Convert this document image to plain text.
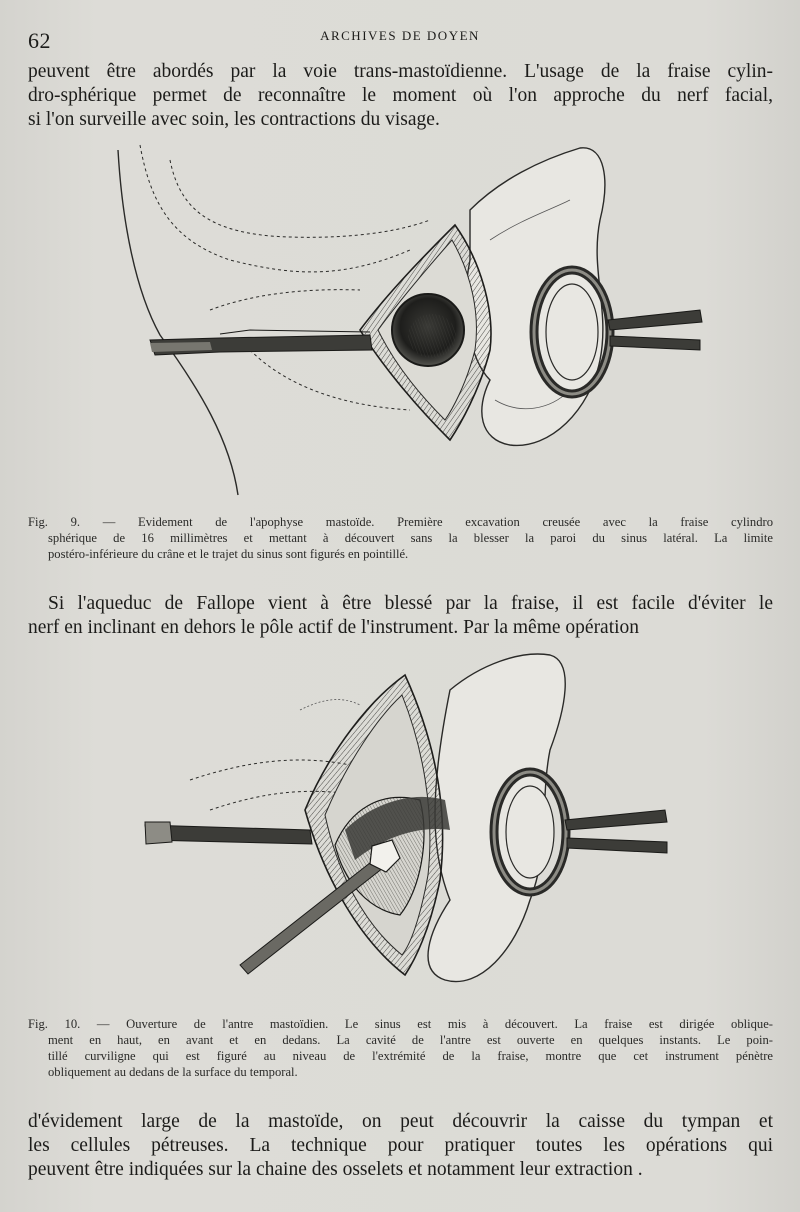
62	ARCHIVES DE DOYEN
peuvent être abordés par la voie trans-mastoïdienne. L'usage de la fraise cylin-
dro-sphérique permet de reconnaître le moment où l'on approche du nerf facial,
si l'on surveille avec soin, les contractions du visage.
Fig. 9. — Evidement de l'apophyse mastoïde. Première excavation creusée avec la fraise cylindro
sphérique de 16 millimètres et mettant à découvert sans la blesser la paroi du sinus latéral. La limite
postéro-inférieure du crâne et le trajet du sinus sont figurés en pointillé.
Si l'aqueduc de Fallope vient à être blessé par la fraise, il est facile d'éviter le
nerf en inclinant en dehors le pôle actif de l'instrument. Par la même opération
Fig. 10. — Ouverture de l'antre mastoïdien. Le sinus est mis à découvert. La fraise est dirigée oblique-
ment en haut, en avant et en dedans. La cavité de l'antre est ouverte en quelques instants. Le poin-
tillé curviligne qui est figuré au niveau de l'extrémité de la fraise, montre que cet instrument pénètre
obliquement au dedans de la surface du temporal.
d'évidement large de la mastoïde, on peut découvrir la caisse du tympan et
les cellules pétreuses. La technique pour pratiquer toutes les opérations qui
peuvent être indiquées sur la chaine des osselets et notamment leur extraction .
